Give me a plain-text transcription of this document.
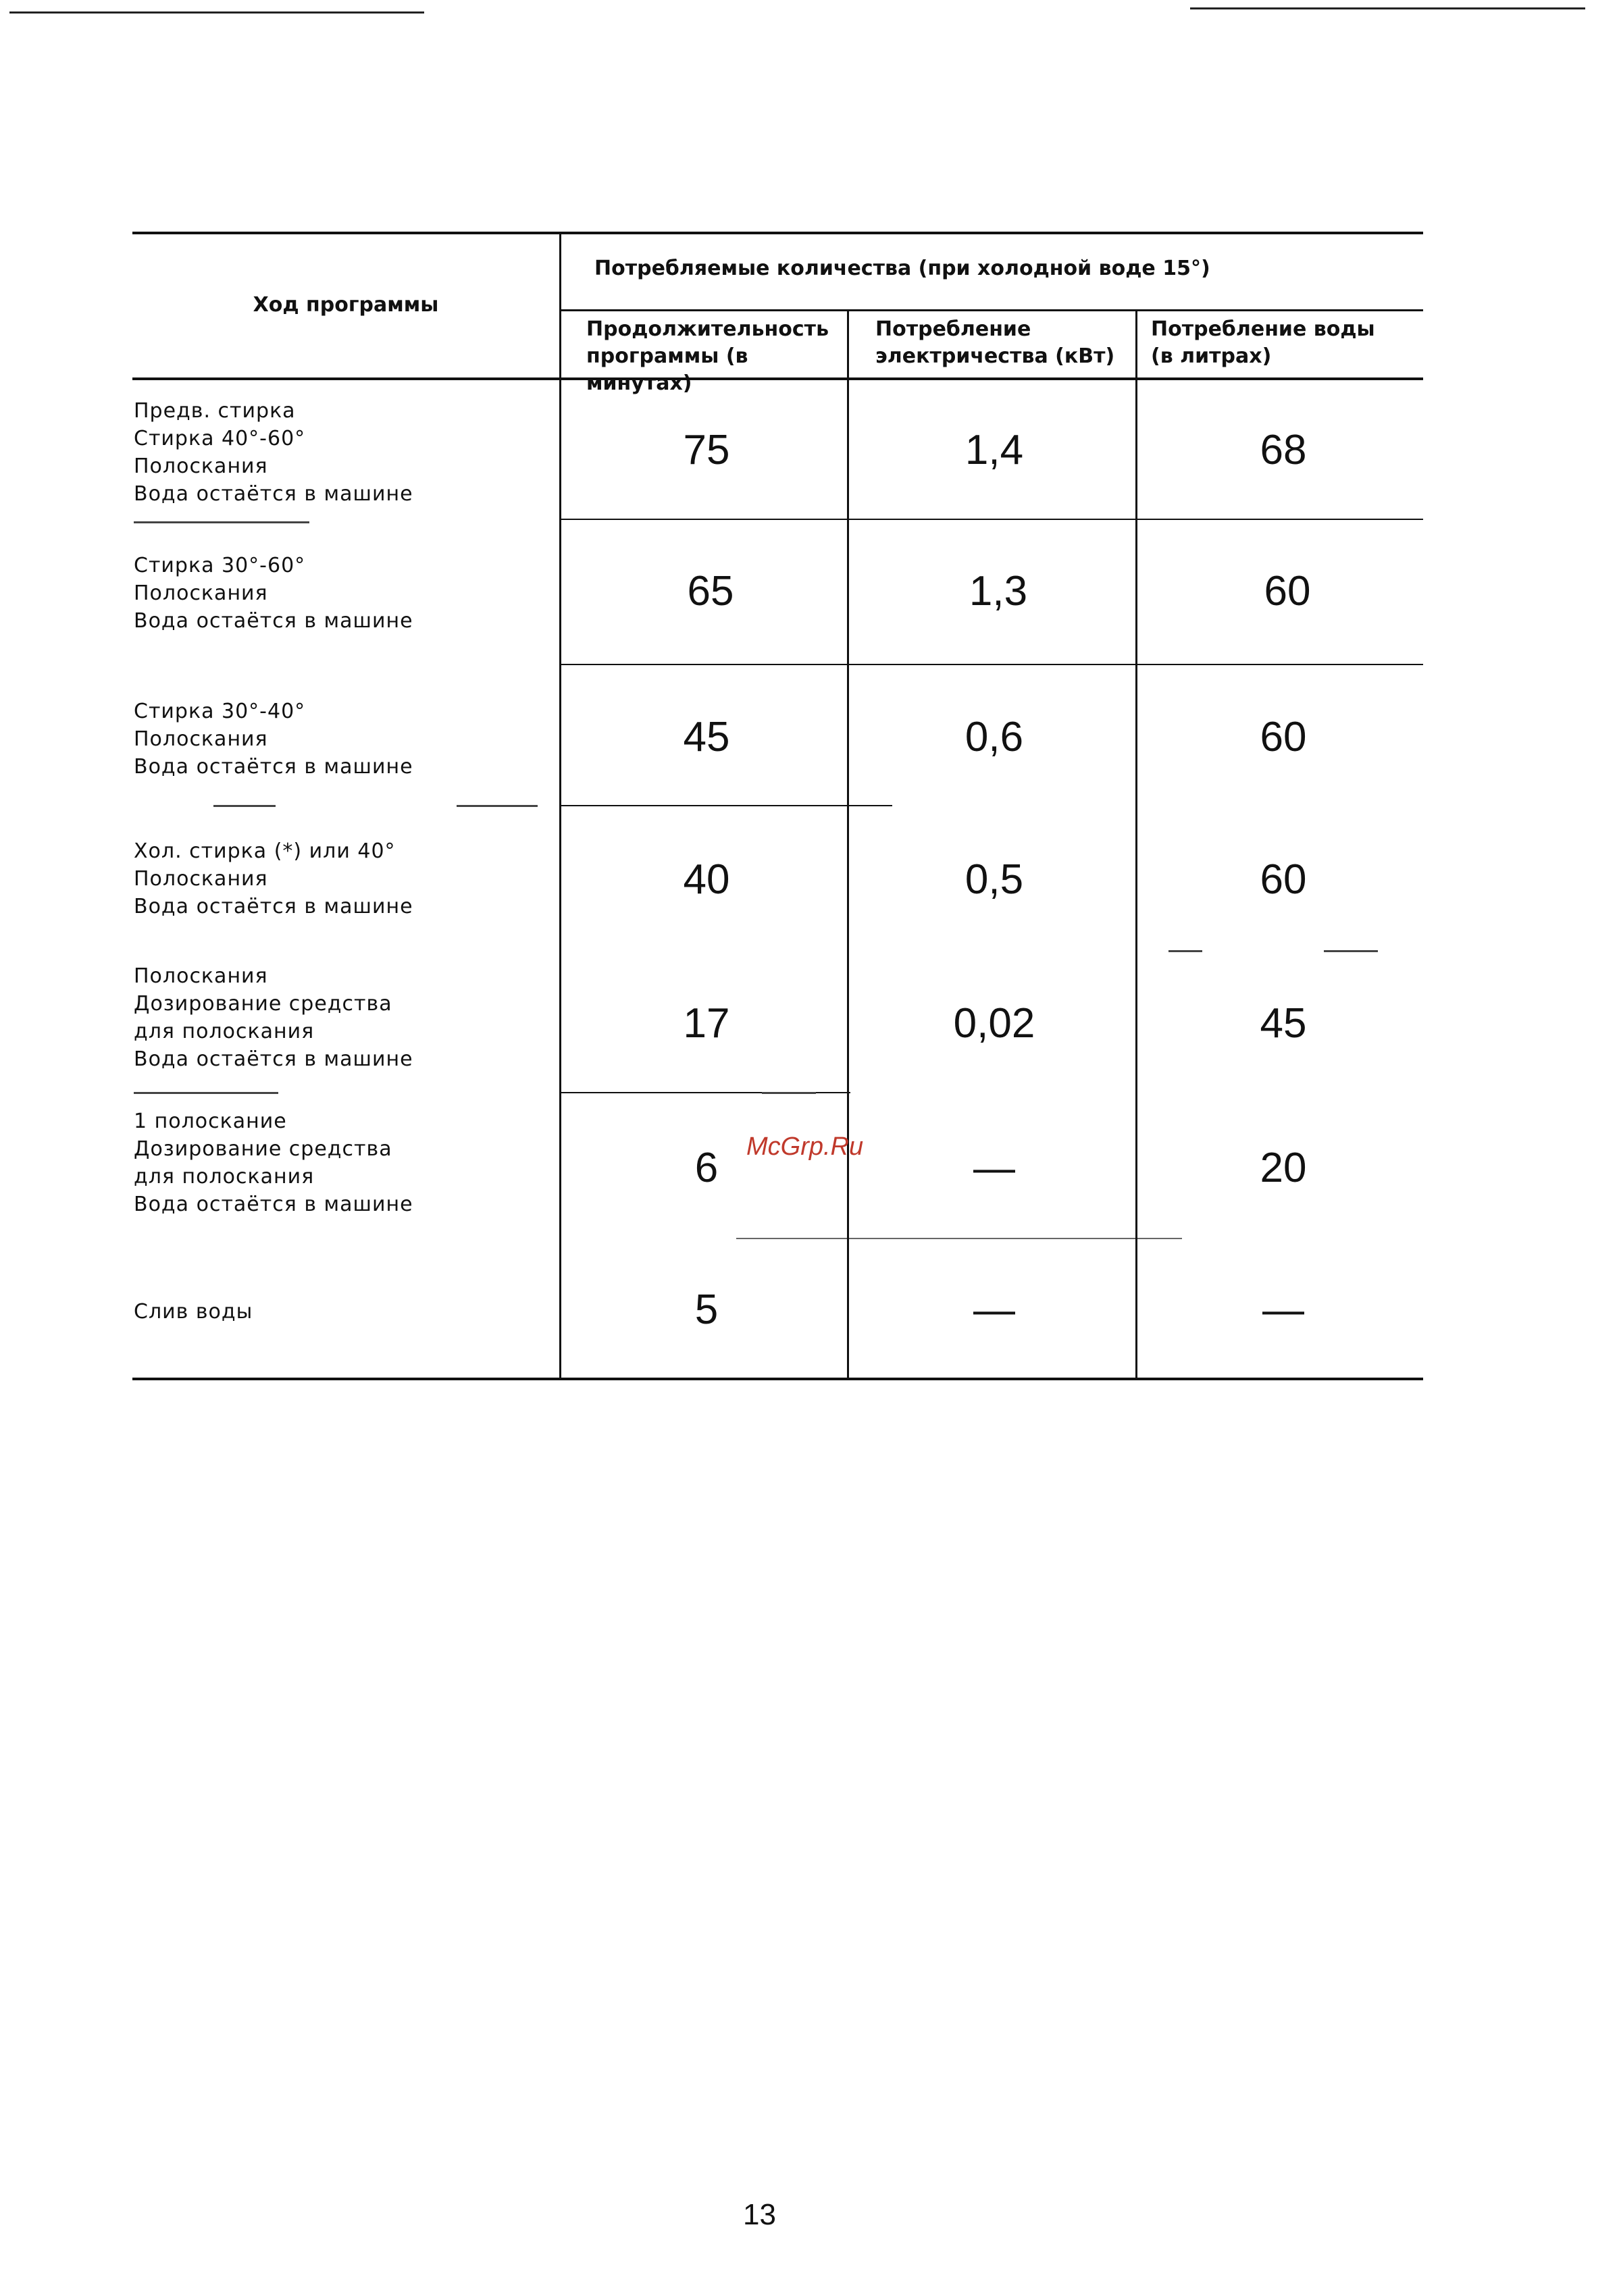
Ход программы
Потребляемые количества (при холодной воде 15°)
Продолжительность
программы (в минутах)
Потребление
электричества (кВт)
Потребление воды
(в литрах)
Предв. стирка
Стирка 40°-60°
Полоскания
Вода остаётся в машине
75	1,4	68
Стирка 30°-60°
Полоскания
Вода остаётся в машине
65	1,3	60
Стирка 30°-40°
Полоскания
Вода остаётся в машине
45	0,6	60
Хол. стирка (*) или 40°
Полоскания
Вода остаётся в машине
40	0,5	60
Полоскания
Дозирование средства
для полоскания
Вода остаётся в машине
17	0,02	45
1 полоскание
Дозирование средства
для полоскания
Вода остаётся в машине
6	—	20
Слив воды	5	—	—
McGrp.Ru
13
